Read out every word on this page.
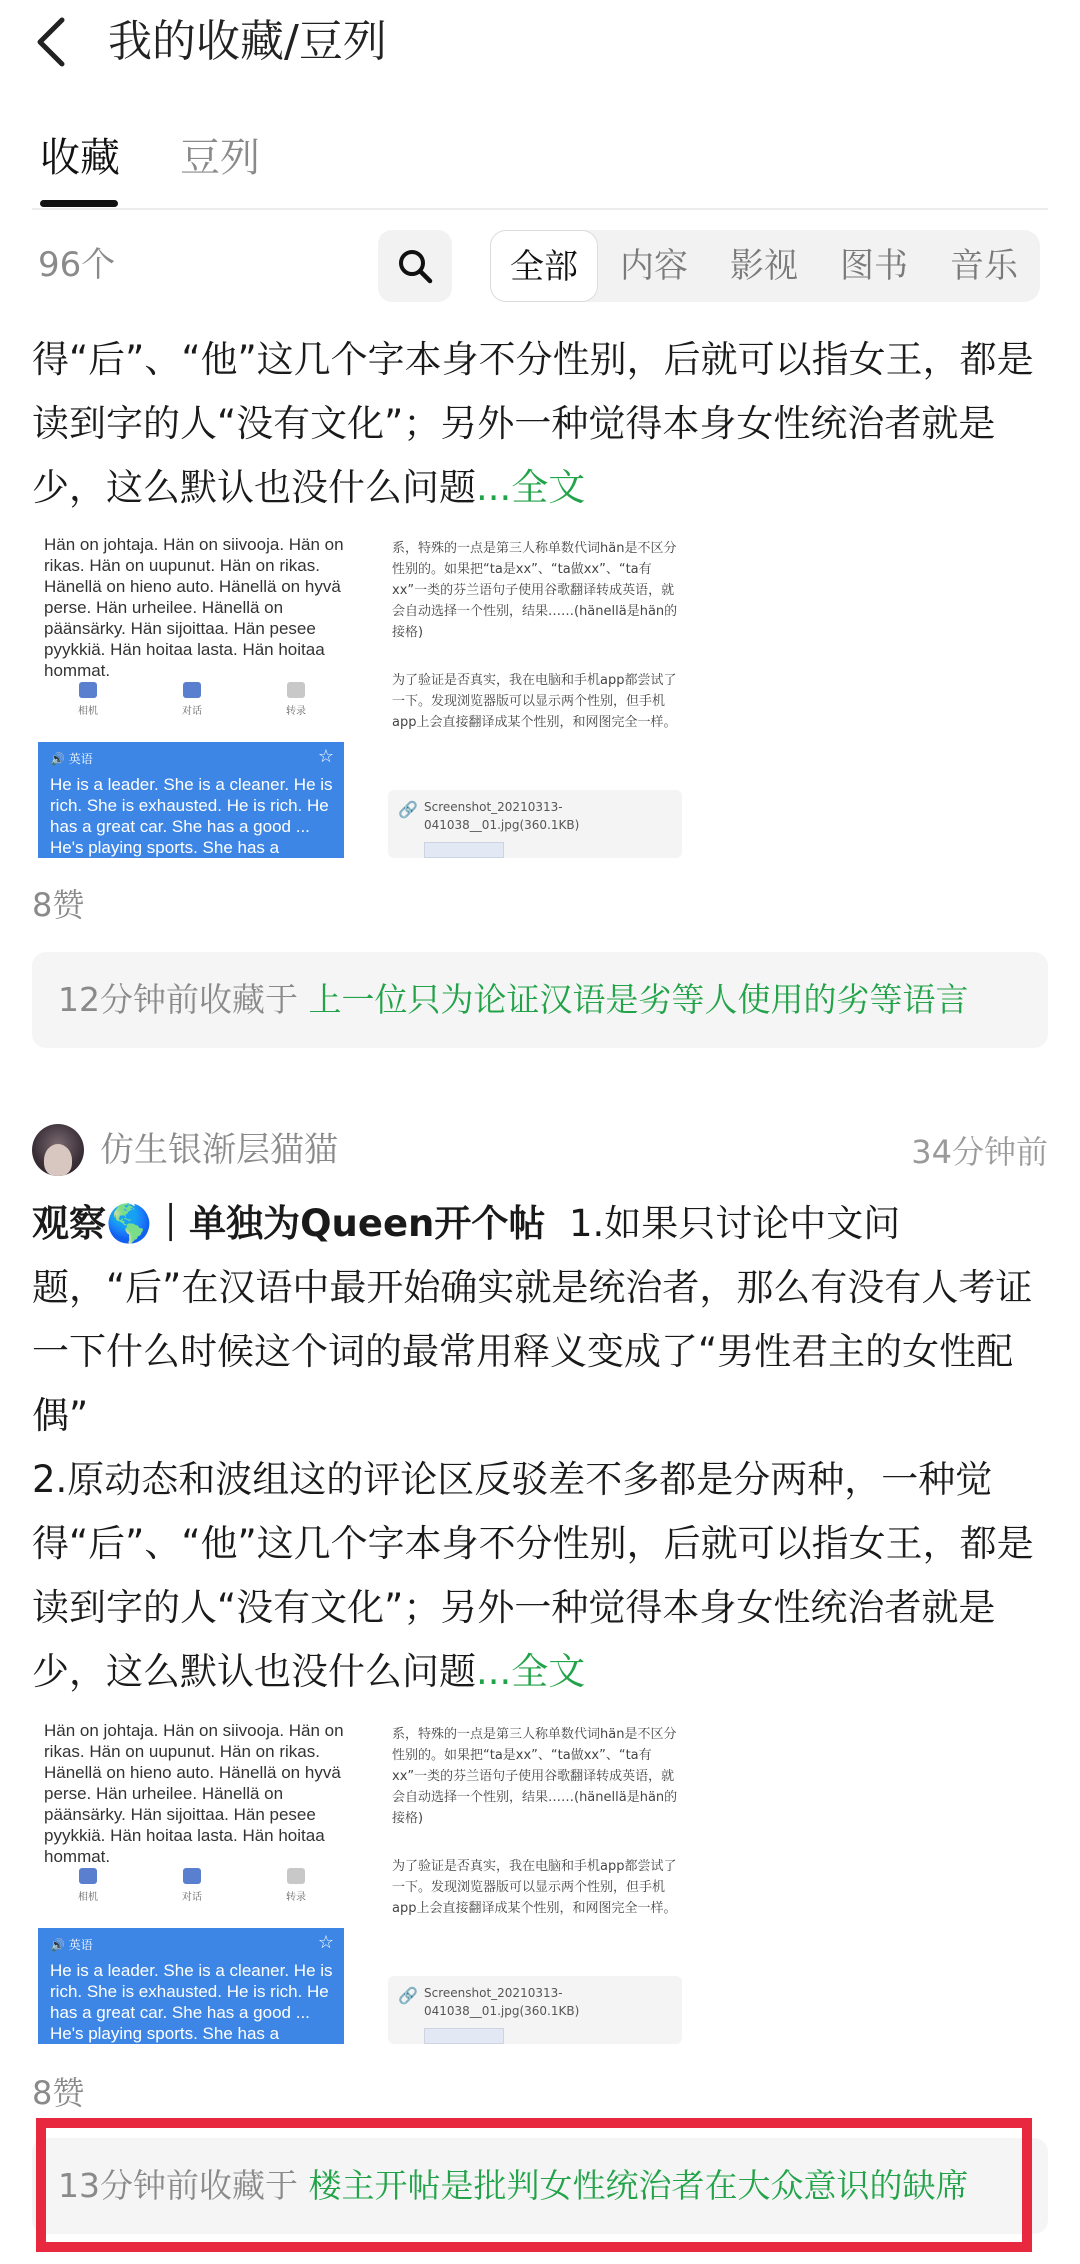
我的收藏/豆列
收藏 豆列
96个	全部	内容	影视	图书	音乐
得“后”、“他”这几个字本身不分性别，后就可以指女王，都是读到字的人“没有文化”；另外一种觉得本身女性统治者就是少，这么默认也没什么问题...全文
Hän on johtaja. Hän on siivooja. Hän on rikas. Hän on uupunut. Hän on rikas. Hänellä on hieno auto. Hänellä on hyvä perse. Hän urheilee. Hänellä on päänsärky. Hän sijoittaa. Hän pesee pyykkiä. Hän hoitaa lasta. Hän hoitaa hommat.
相机	对话	转录
🔊 英语	☆
He is a leader. She is a cleaner. He is rich. She is exhausted. He is rich. He has a great car. She has a good ... He's playing sports. She has a
系，特殊的一点是第三人称单数代词hän是不区分性别的。如果把“ta是xx”、“ta做xx”、“ta有xx”一类的芬兰语句子使用谷歌翻译转成英语，就会自动选择一个性别，结果……(hänellä是hän的接格)
为了验证是否真实，我在电脑和手机app都尝试了一下。发现浏览器版可以显示两个性别，但手机app上会直接翻译成某个性别，和网图完全一样。
🔗 Screenshot_20210313-041038__01.jpg(360.1KB)
8赞
12分钟前收藏于 上一位只为论证汉语是劣等人使用的劣等语言
仿生银渐层猫猫	34分钟前
观察🌎｜单独为Queen开个帖 1.如果只讨论中文问题，“后”在汉语中最开始确实就是统治者，那么有没有人考证一下什么时候这个词的最常用释义变成了“男性君主的女性配偶”
2.原动态和波组这的评论区反驳差不多都是分两种，一种觉得“后”、“他”这几个字本身不分性别，后就可以指女王，都是读到字的人“没有文化”；另外一种觉得本身女性统治者就是少，这么默认也没什么问题...全文
Hän on johtaja. Hän on siivooja. Hän on rikas. Hän on uupunut. Hän on rikas. Hänellä on hieno auto. Hänellä on hyvä perse. Hän urheilee. Hänellä on päänsärky. Hän sijoittaa. Hän pesee pyykkiä. Hän hoitaa lasta. Hän hoitaa hommat.
相机	对话	转录
🔊 英语	☆
He is a leader. She is a cleaner. He is rich. She is exhausted. He is rich. He has a great car. She has a good ... He's playing sports. She has a
系，特殊的一点是第三人称单数代词hän是不区分性别的。如果把“ta是xx”、“ta做xx”、“ta有xx”一类的芬兰语句子使用谷歌翻译转成英语，就会自动选择一个性别，结果……(hänellä是hän的接格)
为了验证是否真实，我在电脑和手机app都尝试了一下。发现浏览器版可以显示两个性别，但手机app上会直接翻译成某个性别，和网图完全一样。
🔗 Screenshot_20210313-041038__01.jpg(360.1KB)
8赞
13分钟前收藏于 楼主开帖是批判女性统治者在大众意识的缺席
